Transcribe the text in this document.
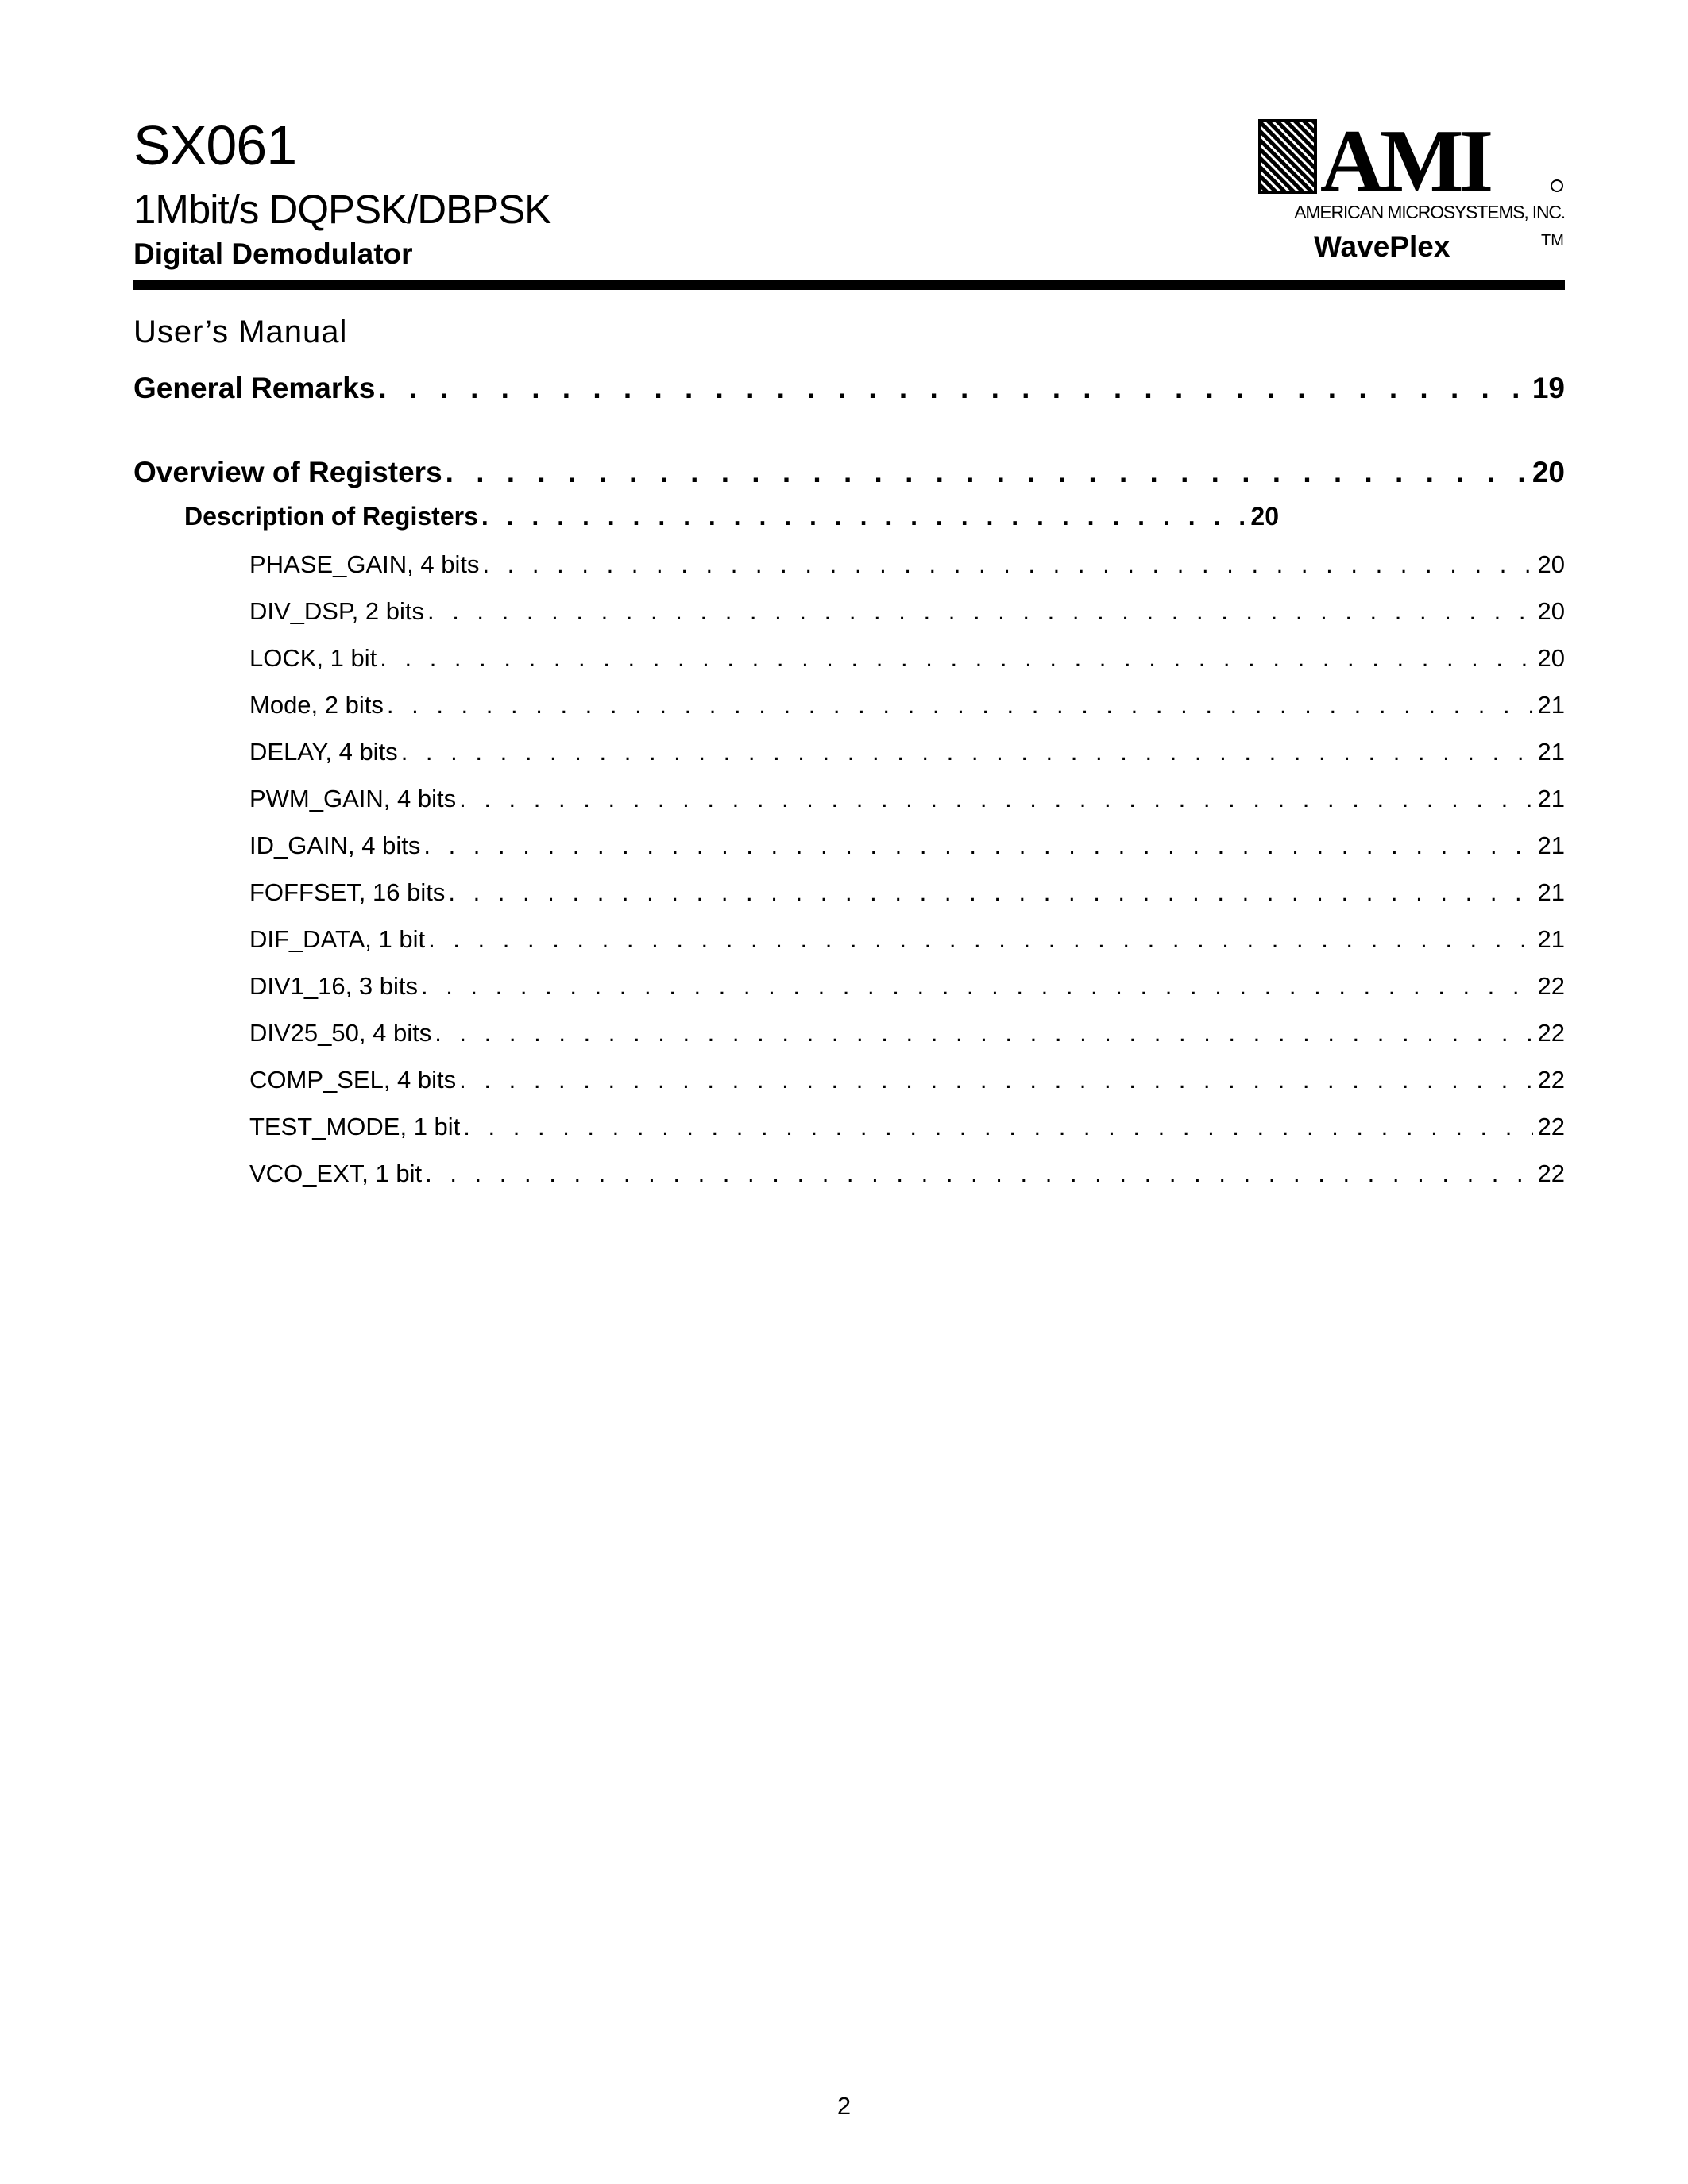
SX061
1Mbit/s DQPSK/DBPSK
Digital Demodulator
AMI
AMERICAN MICROSYSTEMS, INC.
WavePlex	TM
User’s Manual
General Remarks . . .	19
Overview of Registers . . .	20
Description of Registers . . .	20
PHASE_GAIN, 4 bits . . .	20
DIV_DSP, 2 bits . . .	20
LOCK, 1 bit . . .	20
Mode, 2 bits . . .	21
DELAY, 4 bits . . .	21
PWM_GAIN, 4 bits . . .	21
ID_GAIN, 4 bits . . .	21
FOFFSET, 16 bits . . .	21
DIF_DATA, 1 bit . . .	21
DIV1_16, 3 bits . . .	22
DIV25_50, 4 bits . . .	22
COMP_SEL, 4 bits . . .	22
TEST_MODE, 1 bit . . .	22
VCO_EXT, 1 bit . . .	22
2
